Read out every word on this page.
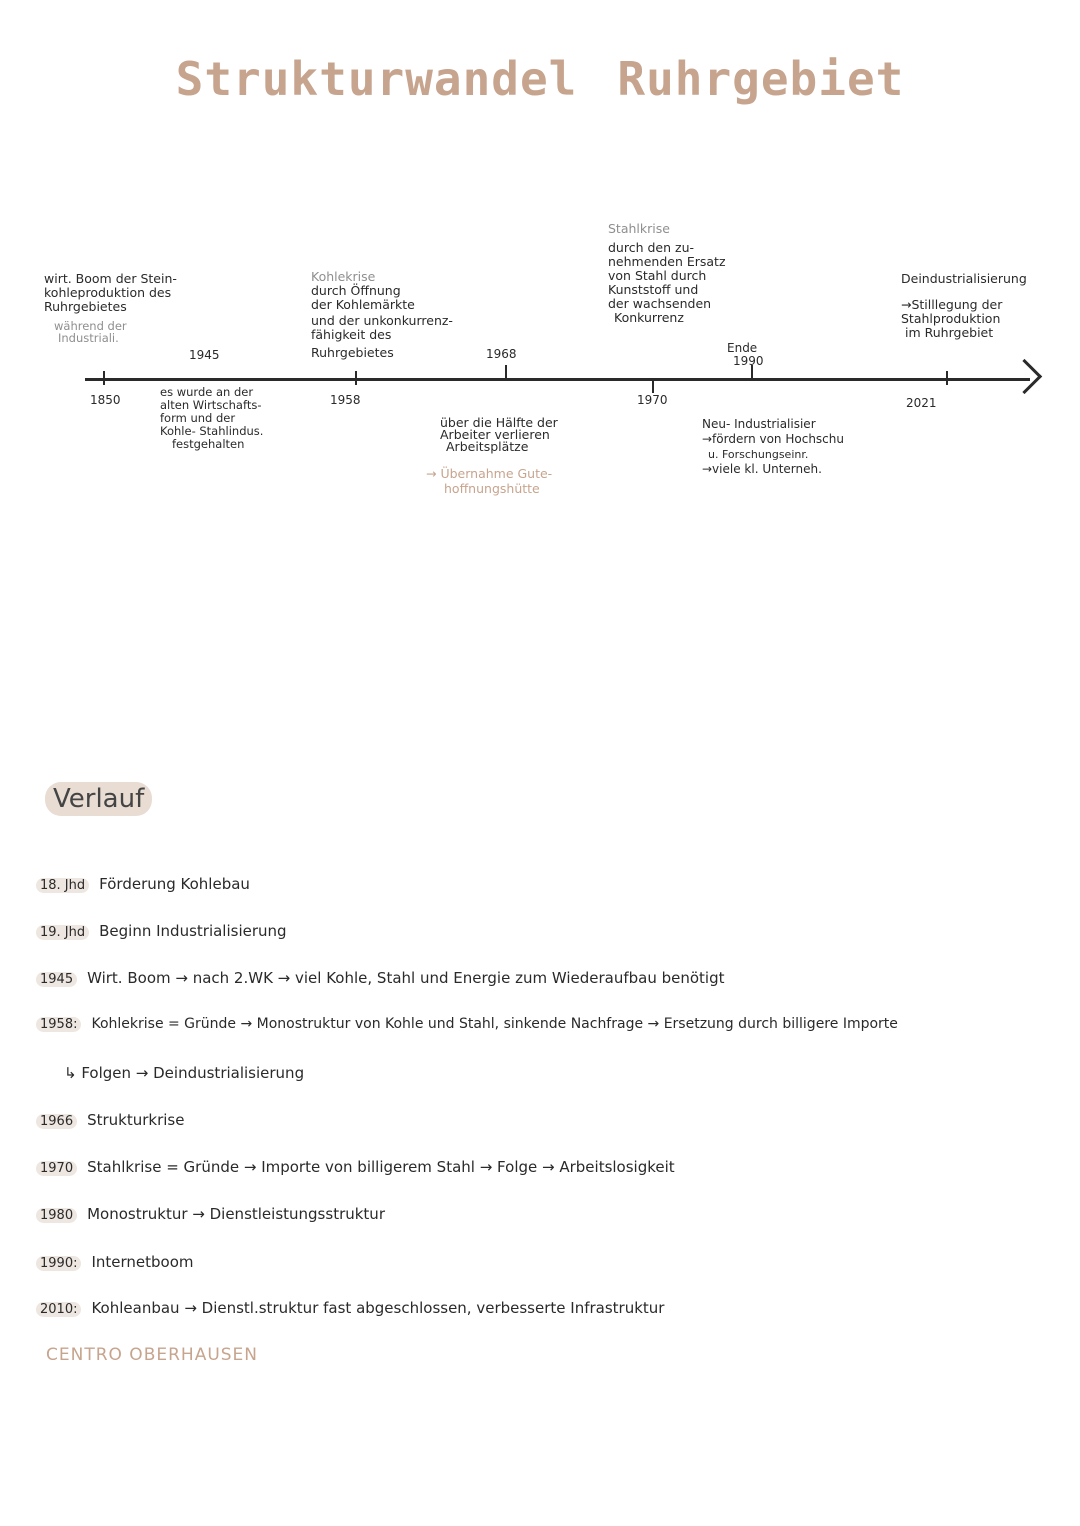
Strukturwandel Ruhrgebiet
1850
1945
1958
1968
1970
Ende
1990
2021
wirt. Boom der Stein-
kohleproduktion des
Ruhrgebietes
während der
Industriali.
es wurde an der
alten Wirtschafts-
form und der
Kohle- Stahlindus.
festgehalten
Kohlekrise
durch Öffnung
der Kohlemärkte
und der unkonkurrenz-
fähigkeit des
Ruhrgebietes
über die Hälfte der
Arbeiter verlieren
Arbeitsplätze
→ Übernahme Gute-
hoffnungshütte
Stahlkrise
durch den zu-
nehmenden Ersatz
von Stahl durch
Kunststoff und
der wachsenden
Konkurrenz
Neu- Industrialisier
→fördern von Hochschu
u. Forschungseinr.
→viele kl. Unterneh.
Deindustrialisierung
→Stilllegung der
Stahlproduktion
im Ruhrgebiet
Verlauf
18. Jhd Förderung Kohlebau
19. Jhd Beginn Industrialisierung
1945 Wirt. Boom → nach 2.WK → viel Kohle, Stahl und Energie zum Wiederaufbau benötigt
1958: Kohlekrise = Gründe → Monostruktur von Kohle und Stahl, sinkende Nachfrage → Ersetzung durch billigere Importe
↳ Folgen → Deindustrialisierung
1966 Strukturkrise
1970 Stahlkrise = Gründe → Importe von billigerem Stahl → Folge → Arbeitslosigkeit
1980 Monostruktur → Dienstleistungsstruktur
1990: Internetboom
2010: Kohleanbau → Dienstl.struktur fast abgeschlossen, verbesserte Infrastruktur
CENTRO OBERHAUSEN
